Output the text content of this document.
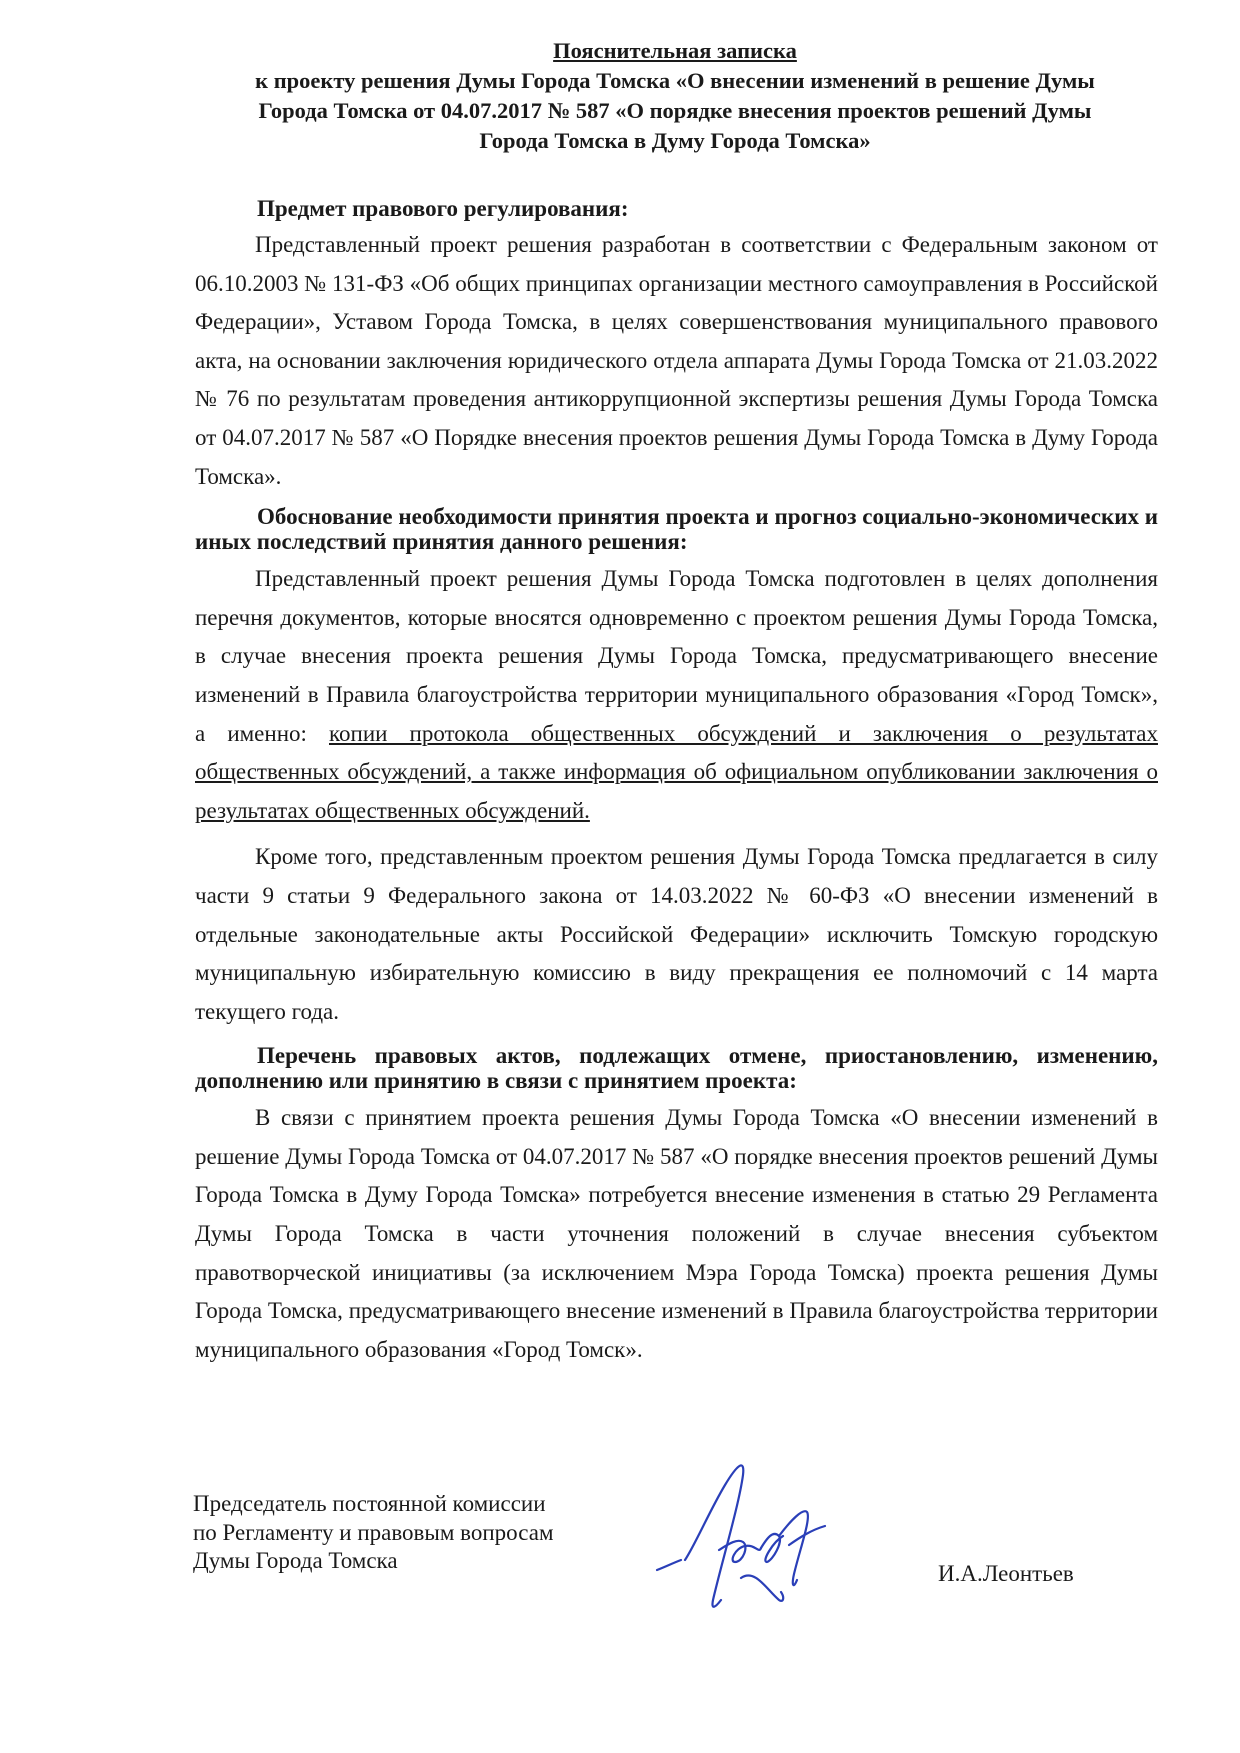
Пояснительная записка
к проекту решения Думы Города Томска «О внесении изменений в решение Думы
Города Томска от 04.07.2017 № 587 «О порядке внесения проектов решений Думы
Города Томска в Думу Города Томска»

Предмет правового регулирования:

Представленный проект решения разработан в соответствии с Федеральным законом от 06.10.2003 № 131-ФЗ «Об общих принципах организации местного самоуправления в Российской Федерации», Уставом Города Томска, в целях совершенствования муниципального правового акта, на основании заключения юридического отдела аппарата Думы Города Томска от 21.03.2022 № 76 по результатам проведения антикоррупционной экспертизы решения Думы Города Томска от 04.07.2017 № 587 «О Порядке внесения проектов решения Думы Города Томска в Думу Города Томска».

Обоснование необходимости принятия проекта и прогноз социально-экономических и иных последствий принятия данного решения:

Представленный проект решения Думы Города Томска подготовлен в целях дополнения перечня документов, которые вносятся одновременно с проектом решения Думы Города Томска, в случае внесения проекта решения Думы Города Томска, предусматривающего внесение изменений в Правила благоустройства территории муниципального образования «Город Томск», а именно: копии протокола общественных обсуждений и заключения о результатах общественных обсуждений, а также информация об официальном опубликовании заключения о результатах общественных обсуждений.

Кроме того, представленным проектом решения Думы Города Томска предлагается в силу части 9 статьи 9 Федерального закона от 14.03.2022 № 60-ФЗ «О внесении изменений в отдельные законодательные акты Российской Федерации» исключить Томскую городскую муниципальную избирательную комиссию в виду прекращения ее полномочий с 14 марта текущего года.

Перечень правовых актов, подлежащих отмене, приостановлению, изменению, дополнению или принятию в связи с принятием проекта:

В связи с принятием проекта решения Думы Города Томска «О внесении изменений в решение Думы Города Томска от 04.07.2017 № 587 «О порядке внесения проектов решений Думы Города Томска в Думу Города Томска» потребуется внесение изменения в статью 29 Регламента Думы Города Томска в части уточнения положений в случае внесения субъектом правотворческой инициативы (за исключением Мэра Города Томска) проекта решения Думы Города Томска, предусматривающего внесение изменений в Правила благоустройства территории муниципального образования «Город Томск».

Председатель постоянной комиссии
по Регламенту и правовым вопросам
Думы Города Томска
И.А.Леонтьев
